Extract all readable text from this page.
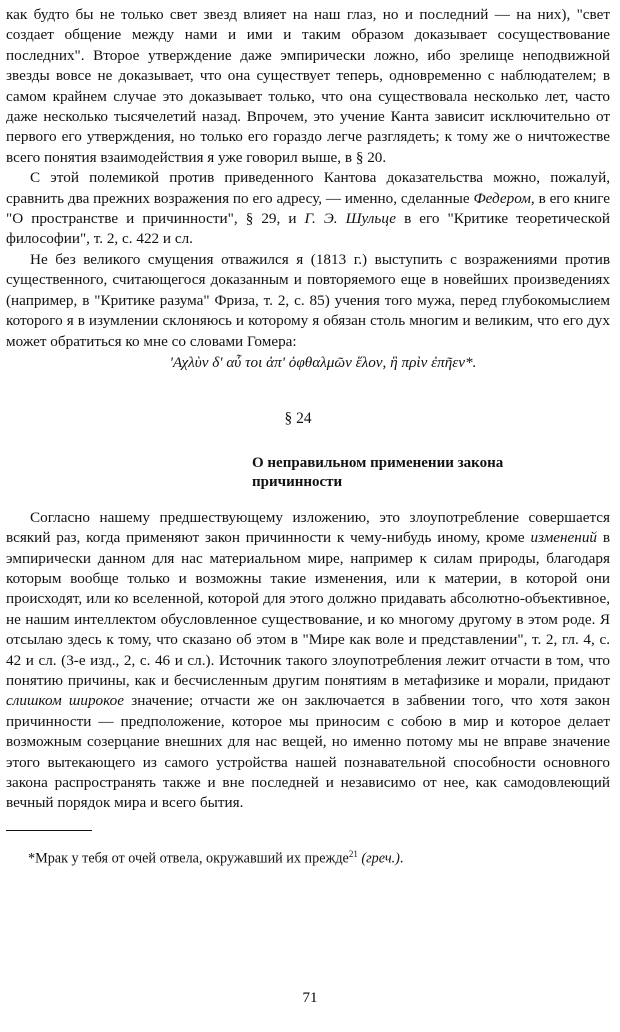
как будто бы не только свет звезд влияет на наш глаз, но и последний — на них), "свет создает общение между нами и ими и таким образом доказывает сосуществование последних". Второе утверждение даже эмпирически ложно, ибо зрелище неподвижной звезды вовсе не доказывает, что она существует теперь, одновременно с наблюдателем; в самом крайнем случае это доказывает только, что она существовала несколько лет, часто даже несколько тысячелетий назад. Впрочем, это учение Канта зависит исключительно от первого его утверждения, но только его гораздо легче разглядеть; к тому же о ничтожестве всего понятия взаимодействия я уже говорил выше, в § 20.

С этой полемикой против приведенного Кантова доказательства можно, пожалуй, сравнить два прежних возражения по его адресу, — именно, сделанные Федером, в его книге "О пространстве и причинности", § 29, и Г. Э. Шульце в его "Критике теоретической философии", т. 2, с. 422 и сл.

Не без великого смущения отважился я (1813 г.) выступить с возражениями против существенного, считающегося доказанным и повторяемого еще в новейших произведениях (например, в "Критике разума" Фриза, т. 2, с. 85) учения того мужа, перед глубокомыслием которого я в изумлении склоняюсь и которому я обязан столь многим и великим, что его дух может обратиться ко мне со словами Гомера:

'Αχλὺν δ' αὖ τοι ἀπ' ὀφθαλμῶν ἕλον, ἣ πρὶν ἐπῆεν*.

§ 24
О неправильном применении закона причинности

Согласно нашему предшествующему изложению, это злоупотребление совершается всякий раз, когда применяют закон причинности к чему-нибудь иному, кроме изменений в эмпирически данном для нас материальном мире, например к силам природы, благодаря которым вообще только и возможны такие изменения, или к материи, в которой они происходят, или ко вселенной, которой для этого должно придавать абсолютно-объективное, не нашим интеллектом обусловленное существование, и ко многому другому в этом роде. Я отсылаю здесь к тому, что сказано об этом в "Мире как воле и представлении", т. 2, гл. 4, с. 42 и сл. (3-е изд., 2, с. 46 и сл.). Источник такого злоупотребления лежит отчасти в том, что понятию причины, как и бесчисленным другим понятиям в метафизике и морали, придают слишком широкое значение; отчасти же он заключается в забвении того, что хотя закон причинности — предположение, которое мы приносим с собою в мир и которое делает возможным созерцание внешних для нас вещей, но именно потому мы не вправе значение этого вытекающего из самого устройства нашей познавательной способности основного закона распространять также и вне последней и независимо от нее, как самодовлеющий вечный порядок мира и всего бытия.

*Мрак у тебя от очей отвела, окружавший их прежде$^{21}$ (греч.).

71
